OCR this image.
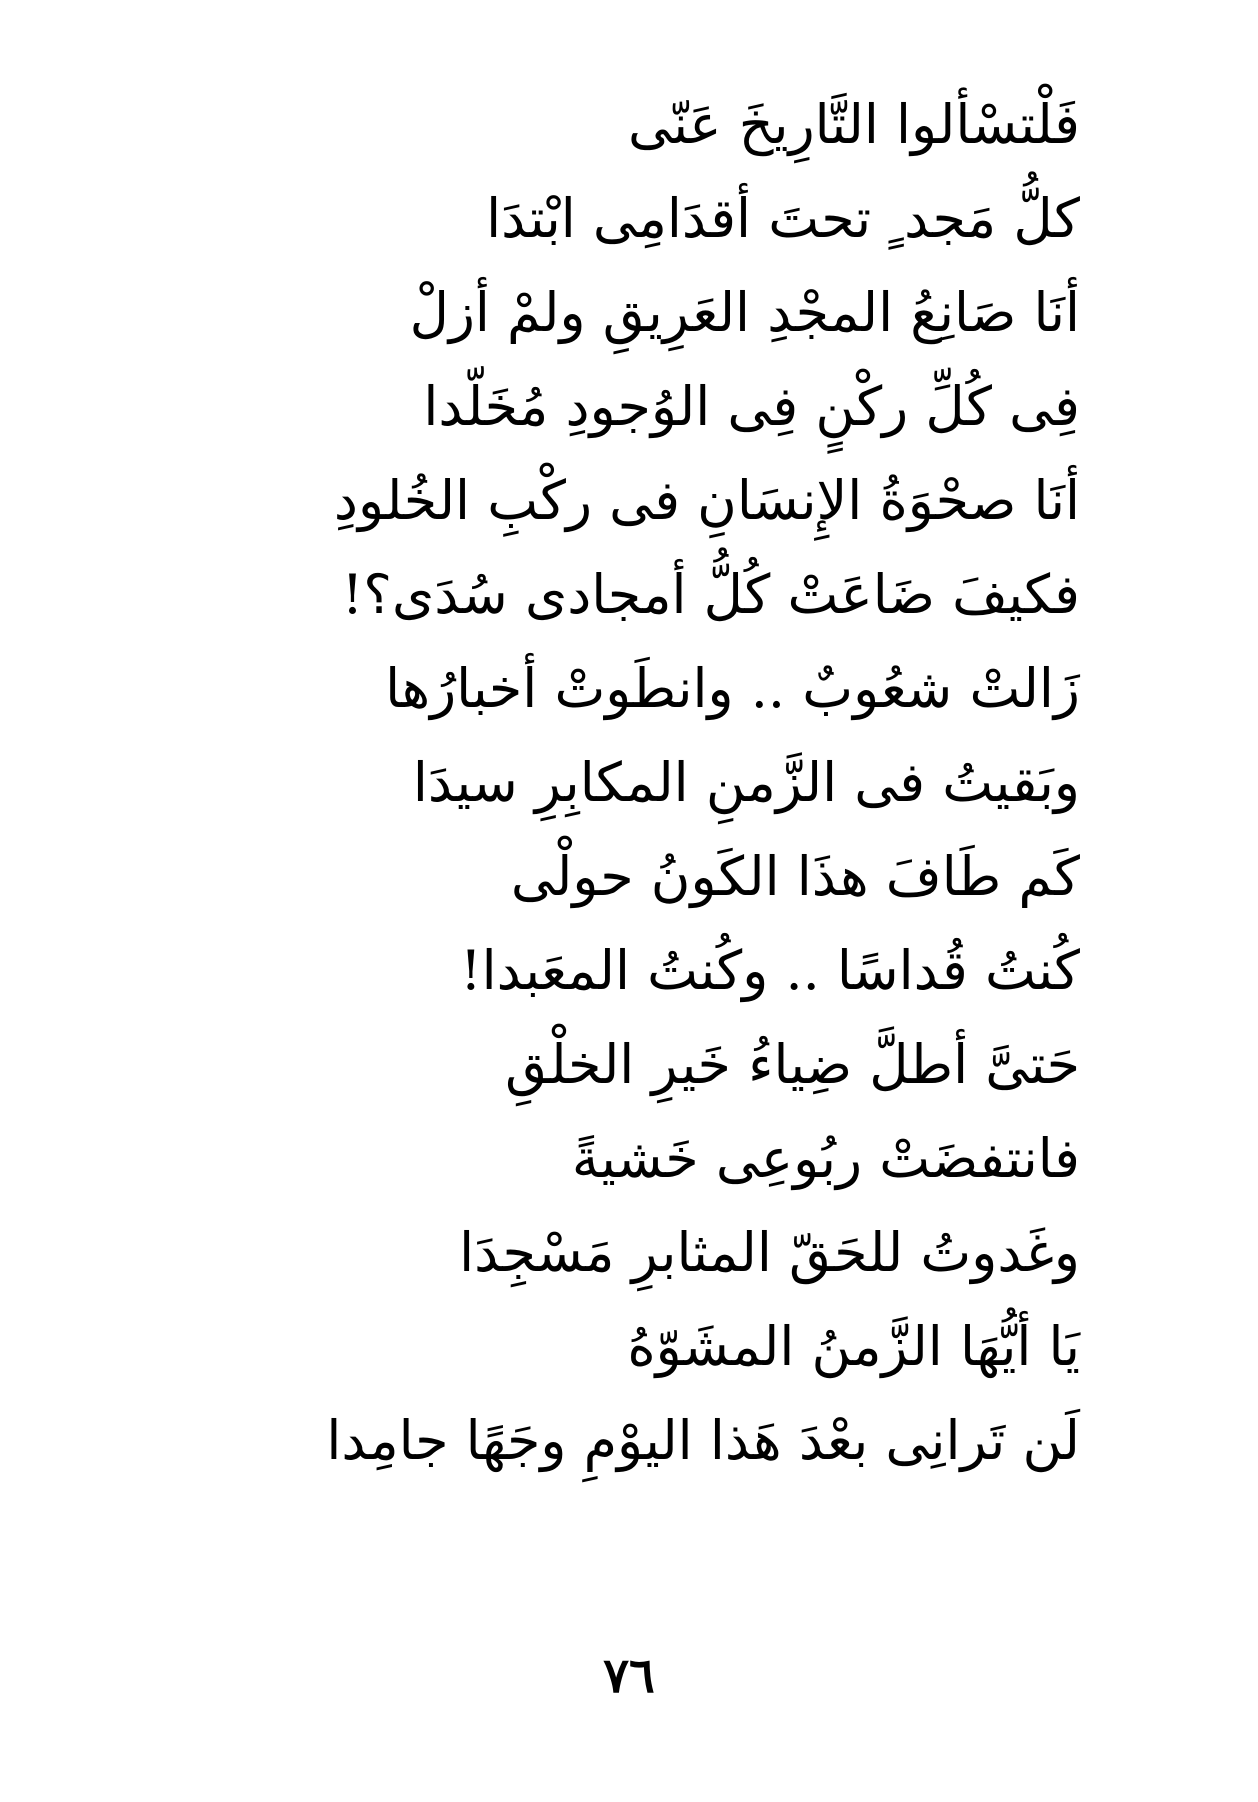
فَلْتسْألوا التَّارِيخَ عَنّى
كلُّ مَجد ٍ تحتَ أقدَامِى ابْتدَا
أنَا صَانِعُ المجْدِ العَرِيقِ ولمْ أزلْ
فِى كُلِّ ركْنٍ فِى الوُجودِ مُخَلّدا
أنَا صحْوَةُ الإِنسَانِ فى ركْبِ الخُلودِ
فكيفَ ضَاعَتْ كُلُّ أمجادى سُدَى؟!
زَالتْ شعُوبٌ .. وانطَوتْ أخبارُها
وبَقيتُ فى الزَّمنِ المكابِرِ سيدَا
كَم طَافَ هذَا الكَونُ حولْى
كُنتُ قُداسًا .. وكُنتُ المعَبدا!
حَتىَّ أطلَّ ضِياءُ خَيرِ الخلْقِ
فانتفضَتْ ربُوعِى خَشيةً
وغَدوتُ للحَقّ المثابرِ مَسْجِدَا
يَا أيُّهَا الزَّمنُ المشَوّهُ
لَن تَرانِى بعْدَ هَذا اليوْمِ وجَهًا جامِدا
٧٦
